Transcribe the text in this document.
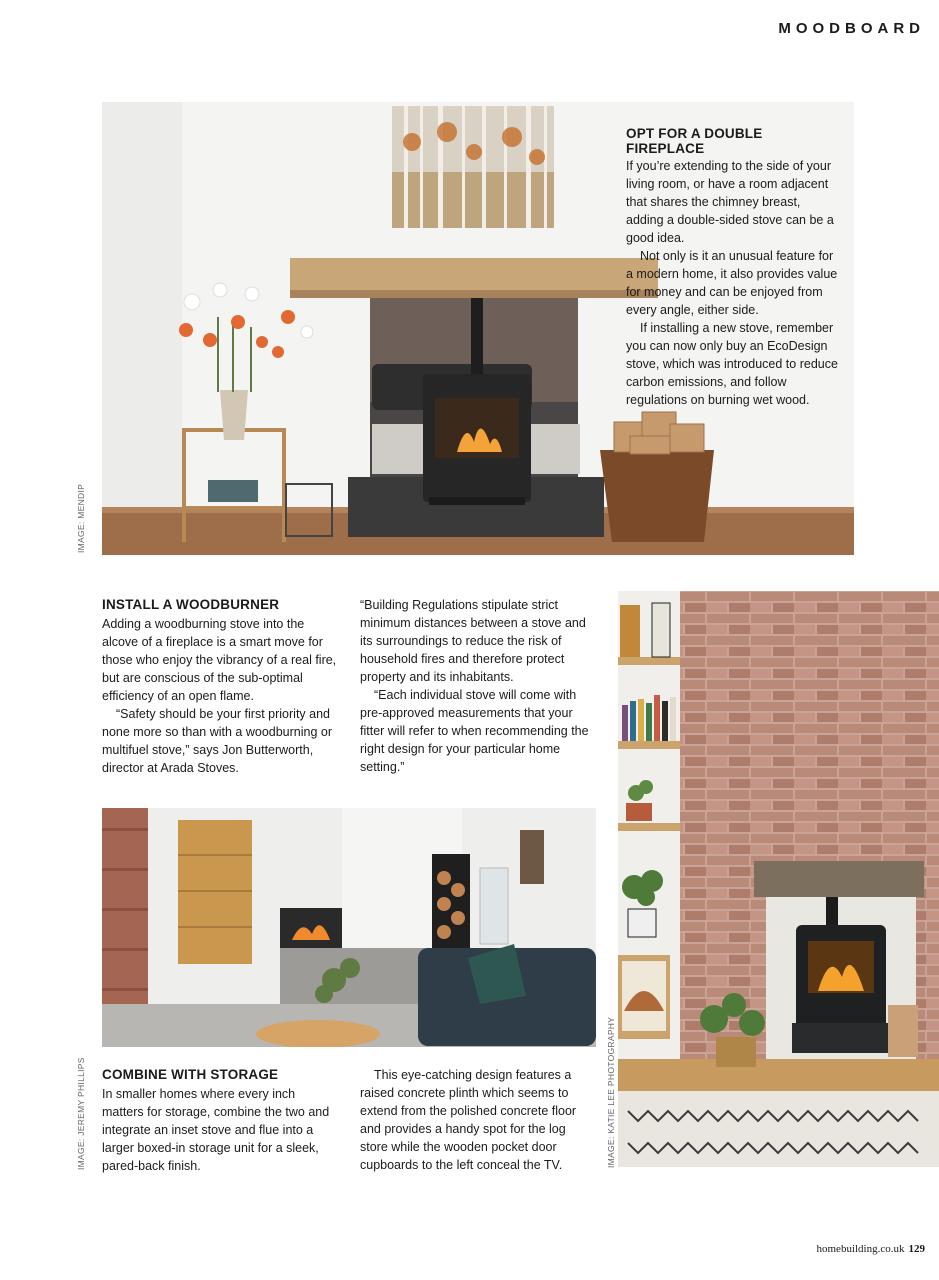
MOODBOARD
IMAGE: MENDIP
OPT FOR A DOUBLE FIREPLACE

If you’re extending to the side of your living room, or have a room adjacent that shares the chimney breast, adding a double-sided stove can be a good idea.

Not only is it an unusual feature for a modern home, it also provides value for money and can be enjoyed from every angle, either side.

If installing a new stove, remember you can now only buy an EcoDesign stove, which was introduced to reduce carbon emissions, and follow regulations on burning wet wood.

INSTALL A WOODBURNER

Adding a woodburning stove into the alcove of a fireplace is a smart move for those who enjoy the vibrancy of a real fire, but are conscious of the sub-optimal efficiency of an open flame.

“Safety should be your first priority and none more so than with a woodburning or multifuel stove,” says Jon Butterworth, director at Arada Stoves.

“Building Regulations stipulate strict minimum distances between a stove and its surroundings to reduce the risk of household fires and therefore protect property and its inhabitants.

“Each individual stove will come with pre-approved measurements that your fitter will refer to when recommending the right design for your particular home setting.”

IMAGE: JEREMY PHILLIPS COMBINE WITH STORAGE

In smaller homes where every inch matters for storage, combine the two and integrate an inset stove and flue into a larger boxed-in storage unit for a sleek, pared-back finish.

This eye-catching design features a raised concrete plinth which seems to extend from the polished concrete floor and provides a handy spot for the log store while the wooden pocket door cupboards to the left conceal the TV.	IMAGE: KATIE LEE PHOTOGRAPHY
homebuilding.co.uk 129
